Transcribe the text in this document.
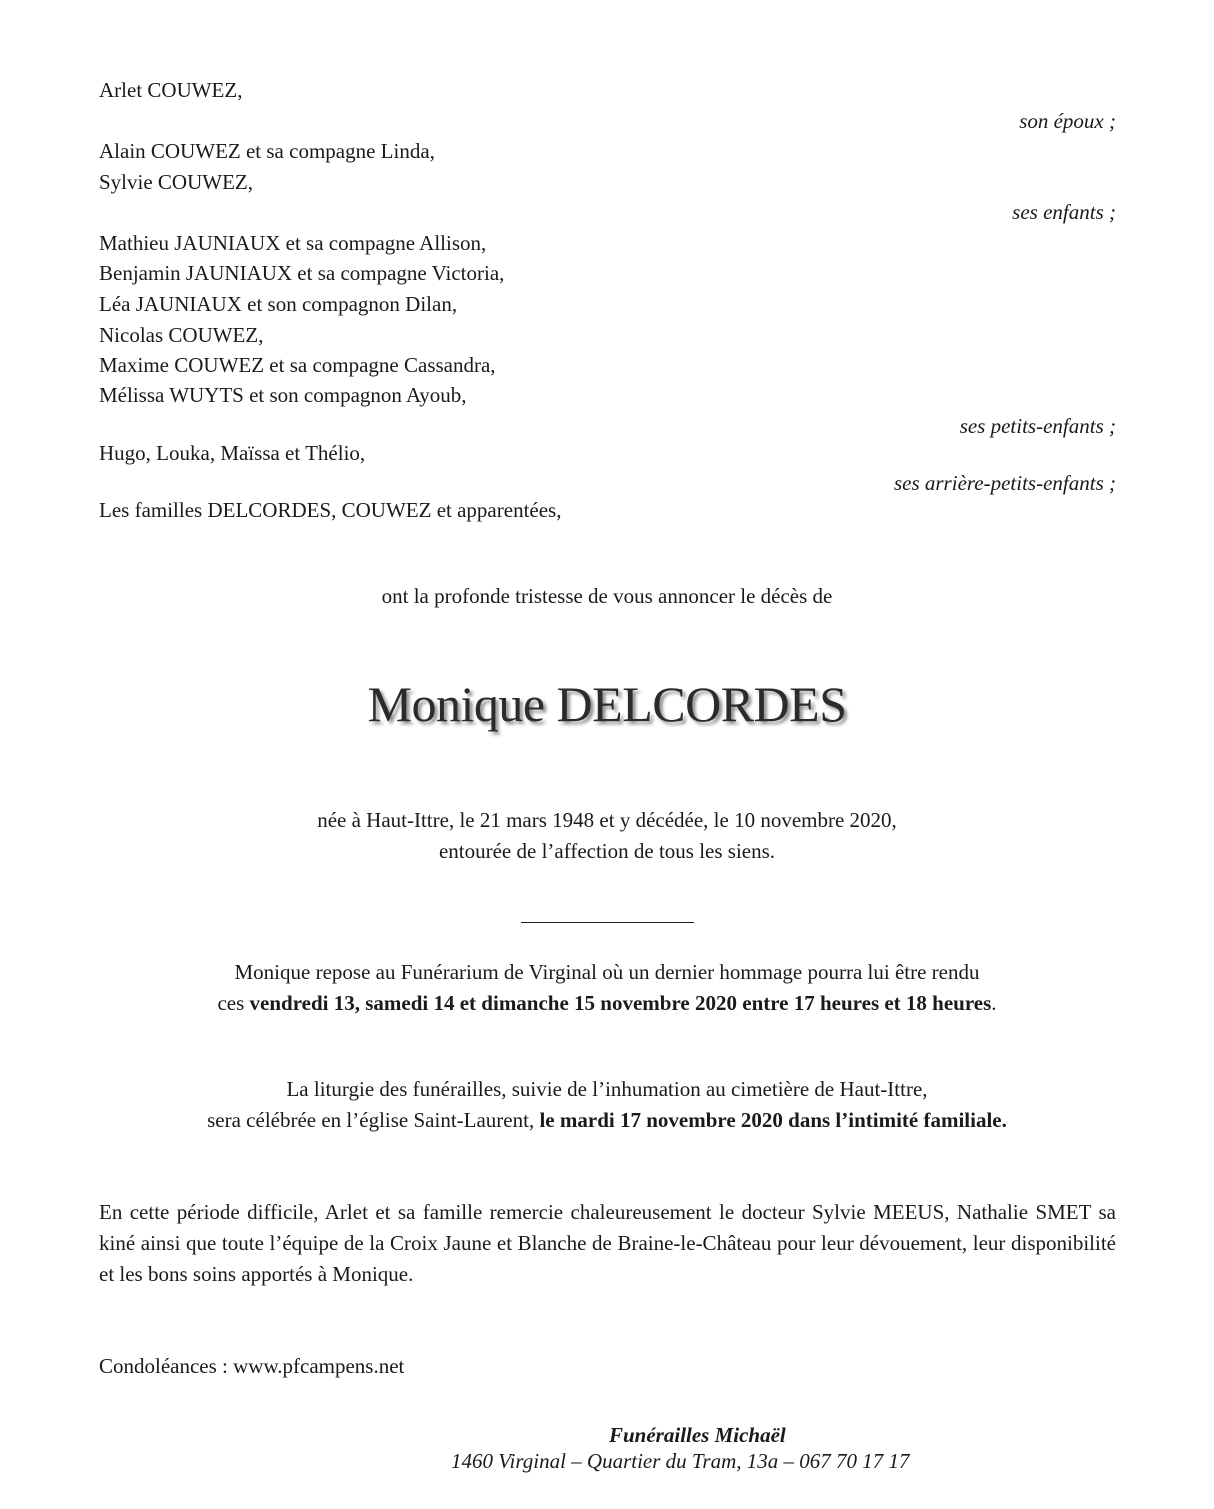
Arlet COUWEZ,
son époux ;
Alain COUWEZ et sa compagne Linda,
Sylvie COUWEZ,
ses enfants ;
Mathieu JAUNIAUX et sa compagne Allison,
Benjamin JAUNIAUX et sa compagne Victoria,
Léa JAUNIAUX et son compagnon Dilan,
Nicolas COUWEZ,
Maxime COUWEZ et sa compagne Cassandra,
Mélissa WUYTS et son compagnon Ayoub,
ses petits-enfants ;
Hugo, Louka, Maïssa et Thélio,
ses arrière-petits-enfants ;
Les familles DELCORDES, COUWEZ et apparentées,
ont la profonde tristesse de vous annoncer le décès de
Monique DELCORDES
née à Haut-Ittre, le 21 mars 1948 et y décédée, le 10 novembre 2020,
entourée de l’affection de tous les siens.
Monique repose au Funérarium de Virginal où un dernier hommage pourra lui être rendu
ces vendredi 13, samedi 14 et dimanche 15 novembre 2020 entre 17 heures et 18 heures.
La liturgie des funérailles, suivie de l’inhumation au cimetière de Haut-Ittre,
sera célébrée en l’église Saint-Laurent, le mardi 17 novembre 2020 dans l’intimité familiale.
En cette période difficile, Arlet et sa famille remercie chaleureusement le docteur Sylvie MEEUS, Nathalie SMET sa kiné ainsi que toute l’équipe de la Croix Jaune et Blanche de Braine-le-Château pour leur dévouement, leur disponibilité et les bons soins apportés à Monique.
Condoléances : www.pfcampens.net
Funérailles Michaël
1460 Virginal – Quartier du Tram, 13a – 067 70 17 17
